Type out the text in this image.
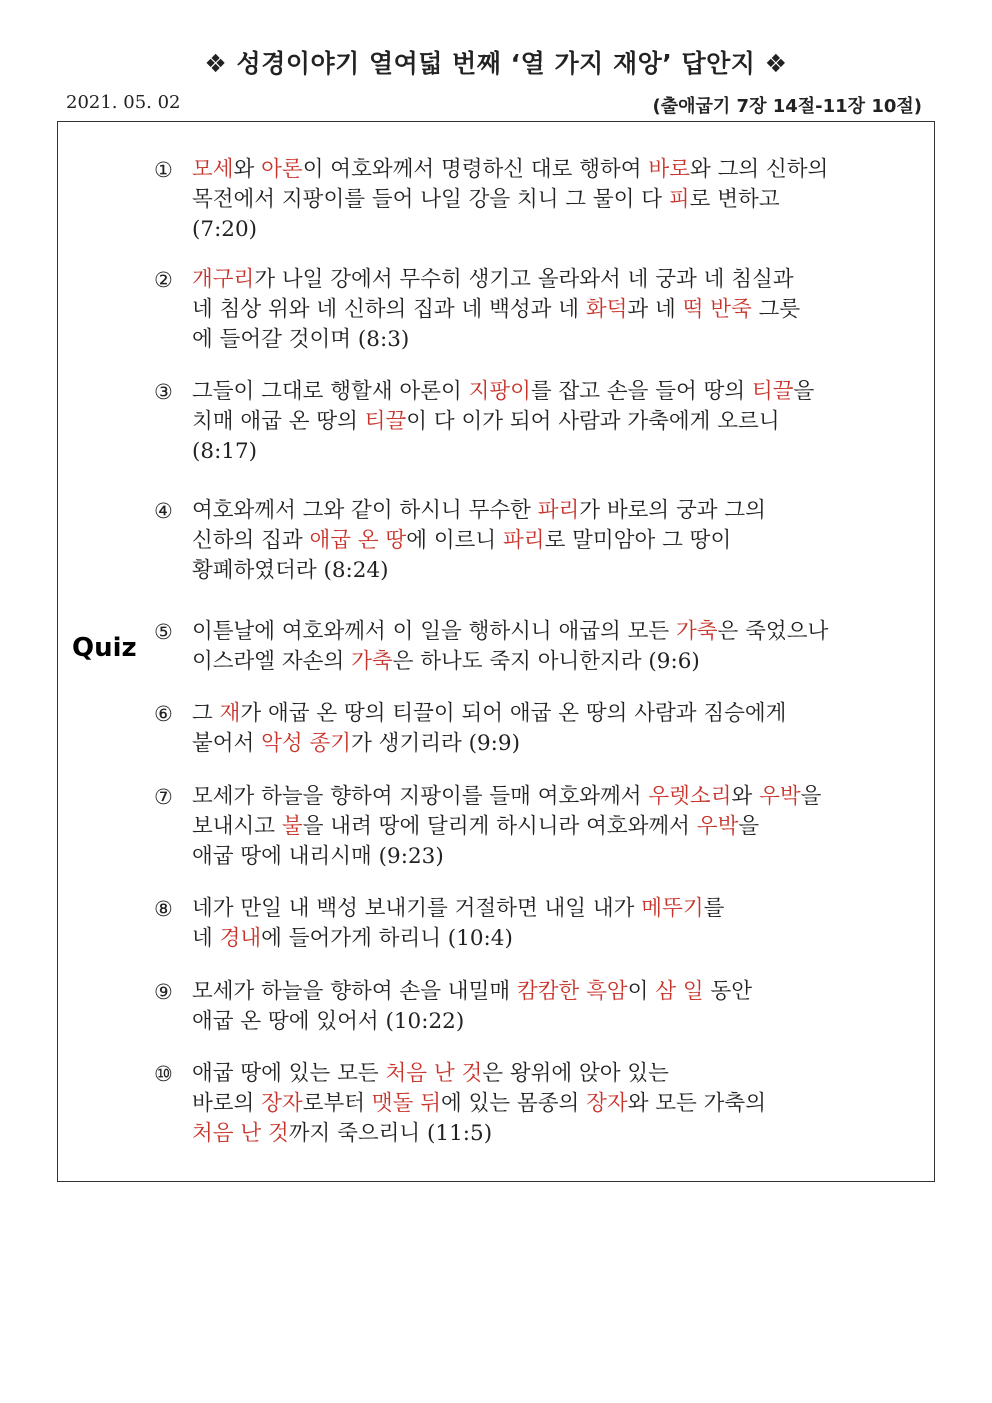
❖ 성경이야기 열여덟 번째 ‘열 가지 재앙’ 답안지 ❖
2021. 05. 02	(출애굽기 7장 14절-11장 10절)
Quiz
① 모세와 아론이 여호와께서 명령하신 대로 행하여 바로와 그의 신하의
목전에서 지팡이를 들어 나일 강을 치니 그 물이 다 피로 변하고
(7:20)
② 개구리가 나일 강에서 무수히 생기고 올라와서 네 궁과 네 침실과
네 침상 위와 네 신하의 집과 네 백성과 네 화덕과 네 떡 반죽 그릇
에 들어갈 것이며 (8:3)
③ 그들이 그대로 행할새 아론이 지팡이를 잡고 손을 들어 땅의 티끌을
치매 애굽 온 땅의 티끌이 다 이가 되어 사람과 가축에게 오르니
(8:17)
④ 여호와께서 그와 같이 하시니 무수한 파리가 바로의 궁과 그의
신하의 집과 애굽 온 땅에 이르니 파리로 말미암아 그 땅이
황폐하였더라 (8:24)
⑤ 이튿날에 여호와께서 이 일을 행하시니 애굽의 모든 가축은 죽었으나
이스라엘 자손의 가축은 하나도 죽지 아니한지라 (9:6)
⑥ 그 재가 애굽 온 땅의 티끌이 되어 애굽 온 땅의 사람과 짐승에게
붙어서 악성 종기가 생기리라 (9:9)
⑦ 모세가 하늘을 향하여 지팡이를 들매 여호와께서 우렛소리와 우박을
보내시고 불을 내려 땅에 달리게 하시니라 여호와께서 우박을
애굽 땅에 내리시매 (9:23)
⑧ 네가 만일 내 백성 보내기를 거절하면 내일 내가 메뚜기를
네 경내에 들어가게 하리니 (10:4)
⑨ 모세가 하늘을 향하여 손을 내밀매 캄캄한 흑암이 삼 일 동안
애굽 온 땅에 있어서 (10:22)
⑩ 애굽 땅에 있는 모든 처음 난 것은 왕위에 앉아 있는
바로의 장자로부터 맷돌 뒤에 있는 몸종의 장자와 모든 가축의
처음 난 것까지 죽으리니 (11:5)
